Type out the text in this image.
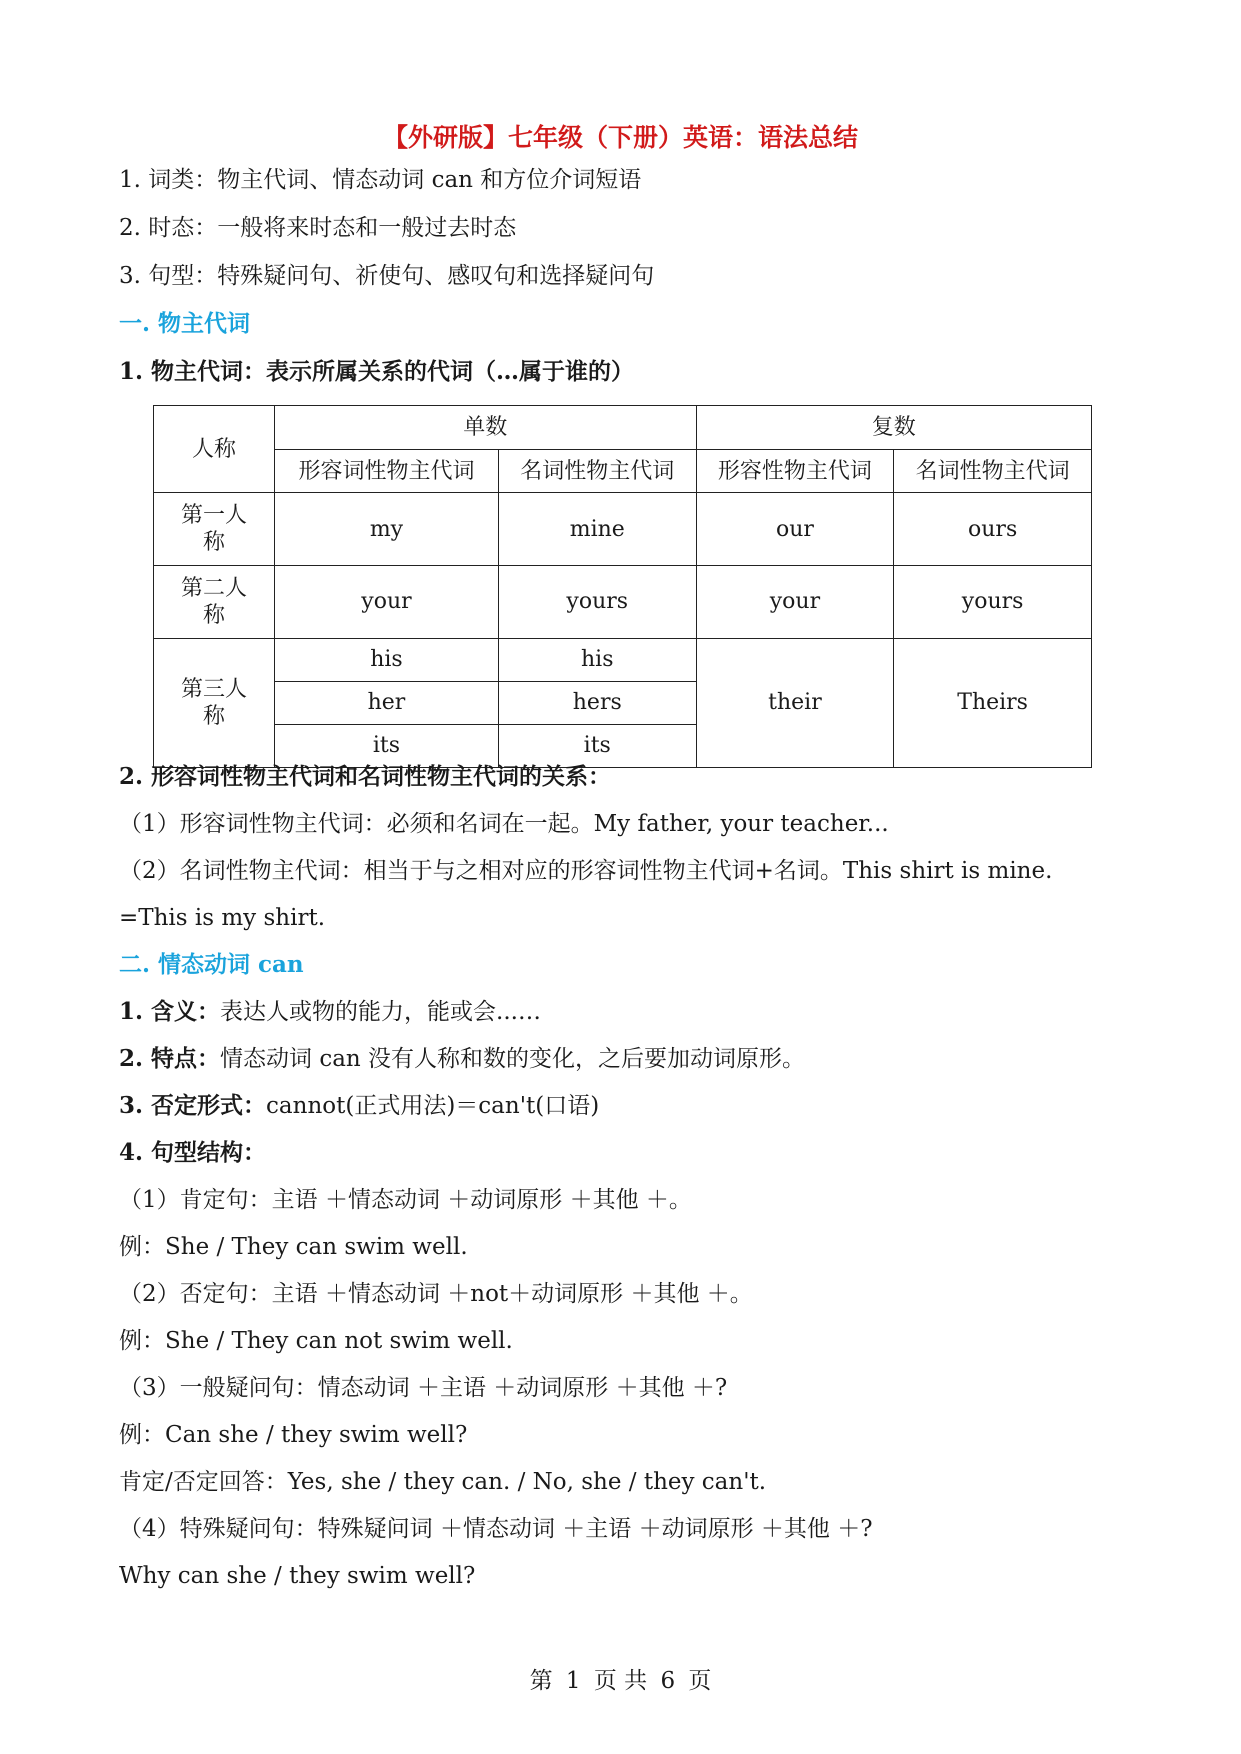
【外研版】七年级（下册）英语：语法总结
1. 词类：物主代词、情态动词 can 和方位介词短语
2. 时态：一般将来时态和一般过去时态
3. 句型：特殊疑问句、祈使句、感叹句和选择疑问句
一. 物主代词
1. 物主代词：表示所属关系的代词（…属于谁的）
人称	单数		复数	
	形容词性物主代词	名词性物主代词	形容性物主代词	名词性物主代词
第一人称	my	mine	our	ours
第二人称	your	yours	your	yours
第三人称	his	his	their	Theirs
	her	hers		
	its	its		
2. 形容词性物主代词和名词性物主代词的关系：
（1）形容词性物主代词：必须和名词在一起。My father, your teacher...
（2）名词性物主代词：相当于与之相对应的形容词性物主代词+名词。This shirt is mine.
=This is my shirt.
二. 情态动词 can
1. 含义：表达人或物的能力，能或会...…
2. 特点：情态动词 can 没有人称和数的变化，之后要加动词原形。
3. 否定形式：cannot(正式用法)＝can't(口语)
4. 句型结构：
（1）肯定句：主语 ＋情态动词 ＋动词原形 ＋其他 ＋。
例：She / They can swim well.
（2）否定句：主语 ＋情态动词 ＋not＋动词原形 ＋其他 ＋。
例：She / They can not swim well.
（3）一般疑问句：情态动词 ＋主语 ＋动词原形 ＋其他 ＋?
例：Can she / they swim well?
肯定/否定回答：Yes, she / they can. / No, she / they can't.
（4）特殊疑问句：特殊疑问词 ＋情态动词 ＋主语 ＋动词原形 ＋其他 ＋?
Why can she / they swim well?
第 1 页 共 6 页
